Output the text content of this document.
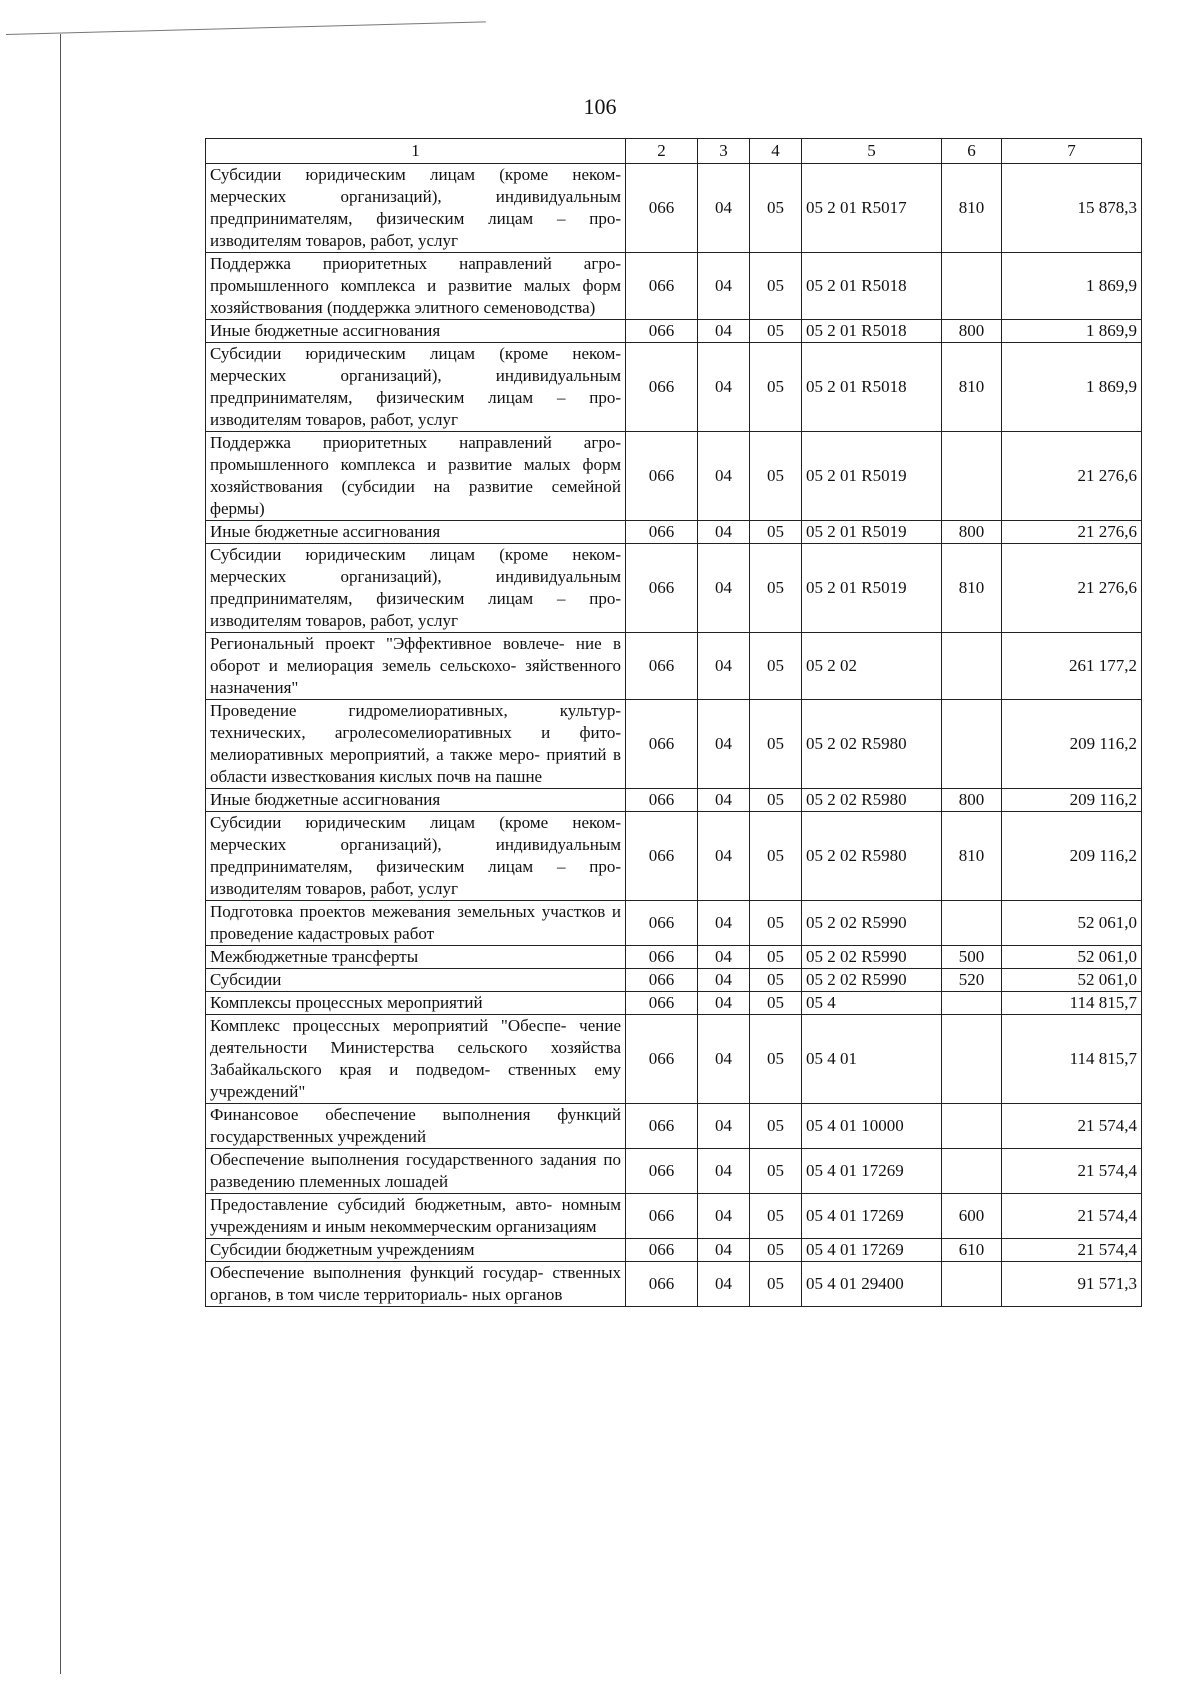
106
1	2	3	4	5	6	7
Субсидии юридическим лицам (кроме неком- мерческих организаций), индивидуальным предпринимателям, физическим лицам – про- изводителям товаров, работ, услуг	066	04	05	05 2 01 R5017	810	15 878,3
Поддержка приоритетных направлений агро- промышленного комплекса и развитие малых форм хозяйствования (поддержка элитного семеноводства)	066	04	05	05 2 01 R5018		1 869,9
Иные бюджетные ассигнования	066	04	05	05 2 01 R5018	800	1 869,9
Субсидии юридическим лицам (кроме неком- мерческих организаций), индивидуальным предпринимателям, физическим лицам – про- изводителям товаров, работ, услуг	066	04	05	05 2 01 R5018	810	1 869,9
Поддержка приоритетных направлений агро- промышленного комплекса и развитие малых форм хозяйствования (субсидии на развитие семейной фермы)	066	04	05	05 2 01 R5019		21 276,6
Иные бюджетные ассигнования	066	04	05	05 2 01 R5019	800	21 276,6
Субсидии юридическим лицам (кроме неком- мерческих организаций), индивидуальным предпринимателям, физическим лицам – про- изводителям товаров, работ, услуг	066	04	05	05 2 01 R5019	810	21 276,6
Региональный проект "Эффективное вовлече- ние в оборот и мелиорация земель сельскохо- зяйственного назначения"	066	04	05	05 2 02		261 177,2
Проведение гидромелиоративных, культур- технических, агролесомелиоративных и фито- мелиоративных мероприятий, а также меро- приятий в области известкования кислых почв на пашне	066	04	05	05 2 02 R5980		209 116,2
Иные бюджетные ассигнования	066	04	05	05 2 02 R5980	800	209 116,2
Субсидии юридическим лицам (кроме неком- мерческих организаций), индивидуальным предпринимателям, физическим лицам – про- изводителям товаров, работ, услуг	066	04	05	05 2 02 R5980	810	209 116,2
Подготовка проектов межевания земельных участков и проведение кадастровых работ	066	04	05	05 2 02 R5990		52 061,0
Межбюджетные трансферты	066	04	05	05 2 02 R5990	500	52 061,0
Субсидии	066	04	05	05 2 02 R5990	520	52 061,0
Комплексы процессных мероприятий	066	04	05	05 4		114 815,7
Комплекс процессных мероприятий "Обеспе- чение деятельности Министерства сельского хозяйства Забайкальского края и подведом- ственных ему учреждений"	066	04	05	05 4 01		114 815,7
Финансовое обеспечение выполнения функций государственных учреждений	066	04	05	05 4 01 10000		21 574,4
Обеспечение выполнения государственного задания по разведению племенных лошадей	066	04	05	05 4 01 17269		21 574,4
Предоставление субсидий бюджетным, авто- номным учреждениям и иным некоммерческим организациям	066	04	05	05 4 01 17269	600	21 574,4
Субсидии бюджетным учреждениям	066	04	05	05 4 01 17269	610	21 574,4
Обеспечение выполнения функций государ- ственных органов, в том числе территориаль- ных органов	066	04	05	05 4 01 29400		91 571,3
